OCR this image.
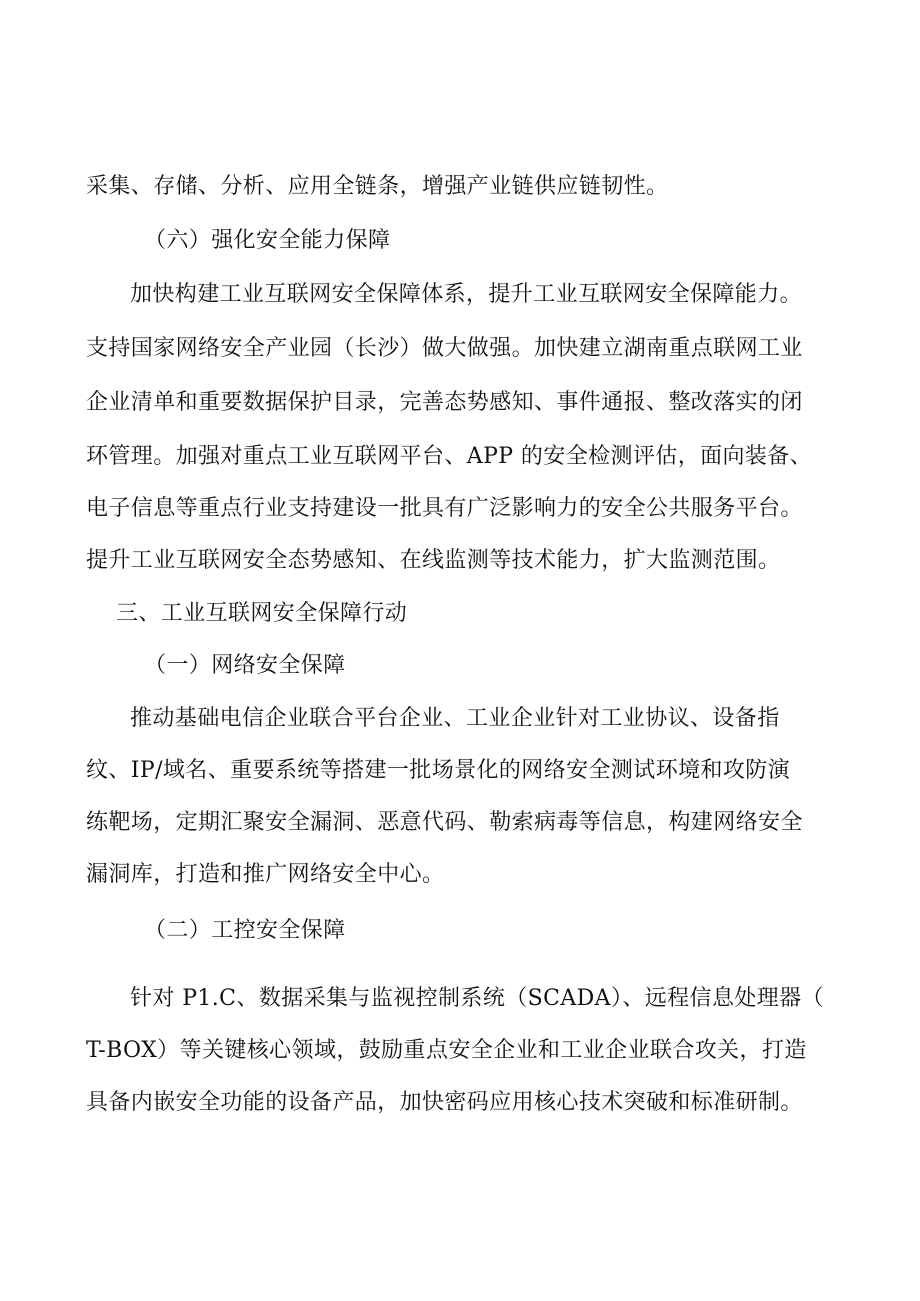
采集、存储、分析、应用全链条，增强产业链供应链韧性。
（六）强化安全能力保障
加快构建工业互联网安全保障体系，提升工业互联网安全保障能力。
支持国家网络安全产业园（长沙）做大做强。加快建立湖南重点联网工业
企业清单和重要数据保护目录，完善态势感知、事件通报、整改落实的闭
环管理。加强对重点工业互联网平台、APP 的安全检测评估，面向装备、
电子信息等重点行业支持建设一批具有广泛影响力的安全公共服务平台。
提升工业互联网安全态势感知、在线监测等技术能力，扩大监测范围。
三、工业互联网安全保障行动
（一）网络安全保障
推动基础电信企业联合平台企业、工业企业针对工业协议、设备指
纹、IP/域名、重要系统等搭建一批场景化的网络安全测试环境和攻防演
练靶场，定期汇聚安全漏洞、恶意代码、勒索病毒等信息，构建网络安全
漏洞库，打造和推广网络安全中心。
（二）工控安全保障
针对 P1.C、数据采集与监视控制系统（SCADA）、远程信息处理器（
T-BOX）等关键核心领域，鼓励重点安全企业和工业企业联合攻关，打造
具备内嵌安全功能的设备产品，加快密码应用核心技术突破和标准研制。
